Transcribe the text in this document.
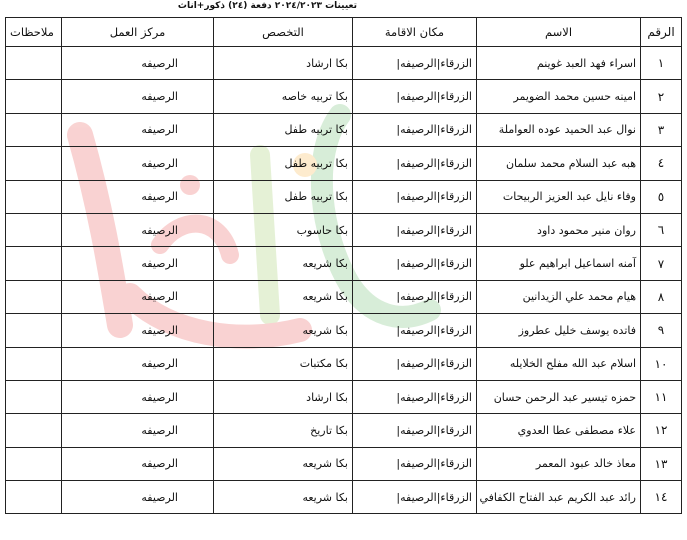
تعيينات ٢٠٢٤/٢٠٢٣ دفعة (٢٤) ذكور+اناث
الرقم	الاسم	مكان الاقامة	التخصص	مركز العمل	ملاحظات
١	اسراء فهد العبد غوينم	الزرقاء|الرصيفه|	بكا ارشاد	الرصيفه	
٢	امينه حسين محمد الضويمر	الزرقاء|الرصيفه|	بكا تربيه خاصه	الرصيفه	
٣	نوال عبد الحميد عوده العواملة	الزرقاء|الرصيفه|	بكا تربيه طفل	الرصيفه	
٤	هبه عبد السلام محمد سلمان	الزرقاء|الرصيفه|	بكا تربيه طفل	الرصيفه	
٥	وفاء نايل عبد العزيز الربيحات	الزرقاء|الرصيفه|	بكا تربيه طفل	الرصيفه	
٦	روان منير محمود داود	الزرقاء|الرصيفه|	بكا حاسوب	الرصيفه	
٧	آمنه اسماعيل ابراهيم علو	الزرقاء|الرصيفه|	بكا شريعه	الرصيفه	
٨	هيام محمد علي الزيدانين	الزرقاء|الرصيفه|	بكا شريعه	الرصيفه	
٩	فاتده يوسف خليل عطروز	الزرقاء|الرصيفه|	بكا شريعه	الرصيفه	
١٠	اسلام عبد الله مفلح الخلايله	الزرقاء|الرصيفه|	بكا مكتبات	الرصيفه	
١١	حمزه تيسير عبد الرحمن حسان	الزرقاء|الرصيفه|	بكا ارشاد	الرصيفه	
١٢	علاء مصطفى عطا العدوي	الزرقاء|الرصيفه|	بكا تاريخ	الرصيفه	
١٣	معاذ خالد عبود المعمر	الزرقاء|الرصيفه|	بكا شريعه	الرصيفه	
١٤	رائد عبد الكريم عبد الفتاح الكفافي	الزرقاء|الرصيفه|	بكا شريعه	الرصيفه	
